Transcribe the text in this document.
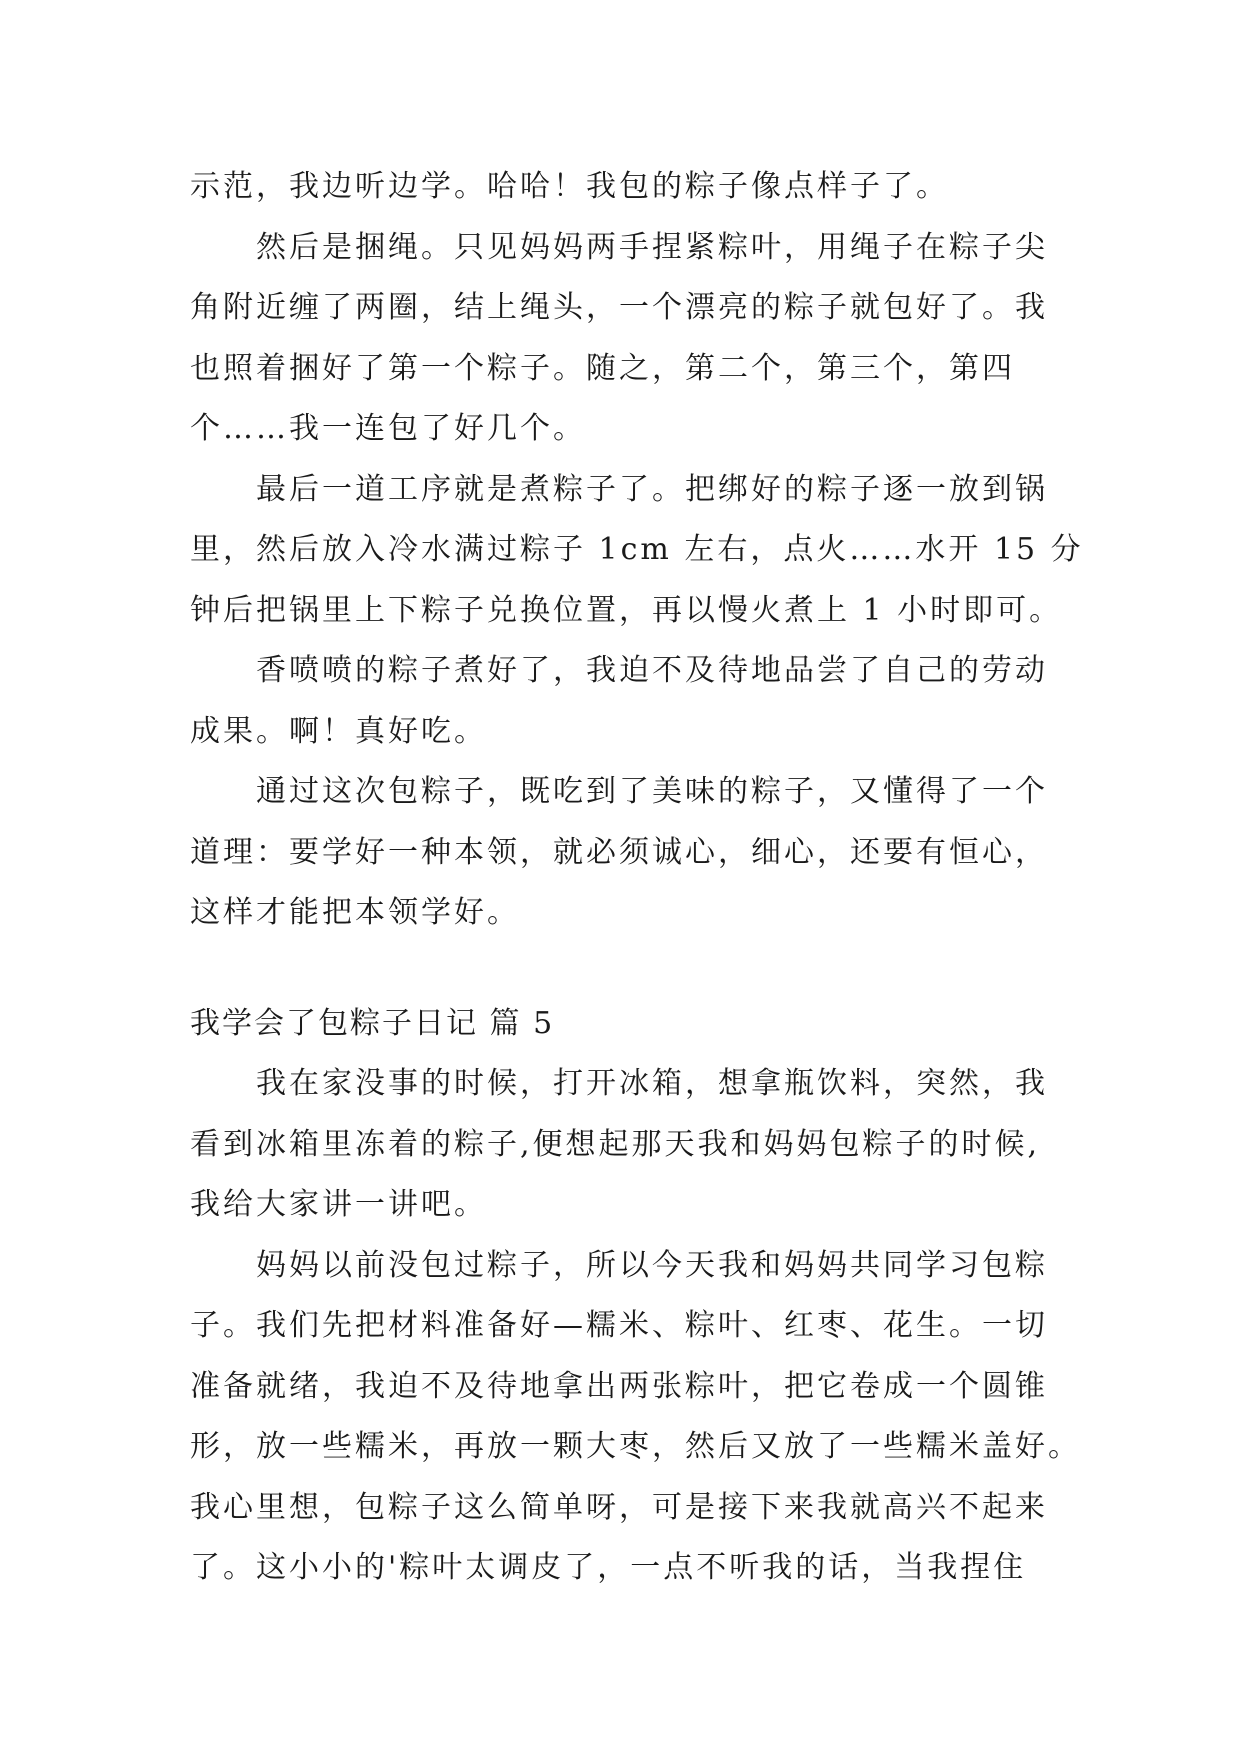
示范，我边听边学。哈哈！我包的粽子像点样子了。
然后是捆绳。只见妈妈两手捏紧粽叶，用绳子在粽子尖
角附近缠了两圈，结上绳头，一个漂亮的粽子就包好了。我
也照着捆好了第一个粽子。随之，第二个，第三个，第四
个……我一连包了好几个。
最后一道工序就是煮粽子了。把绑好的粽子逐一放到锅
里，然后放入冷水满过粽子 1cm 左右，点火……水开 15 分
钟后把锅里上下粽子兑换位置，再以慢火煮上 1 小时即可。
香喷喷的粽子煮好了，我迫不及待地品尝了自己的劳动
成果。啊！真好吃。
通过这次包粽子，既吃到了美味的粽子，又懂得了一个
道理：要学好一种本领，就必须诚心，细心，还要有恒心，
这样才能把本领学好。
我学会了包粽子日记 篇 5
我在家没事的时候，打开冰箱，想拿瓶饮料，突然，我
看到冰箱里冻着的粽子,便想起那天我和妈妈包粽子的时候,
我给大家讲一讲吧。
妈妈以前没包过粽子，所以今天我和妈妈共同学习包粽
子。我们先把材料准备好—糯米、粽叶、红枣、花生。一切
准备就绪，我迫不及待地拿出两张粽叶，把它卷成一个圆锥
形，放一些糯米，再放一颗大枣，然后又放了一些糯米盖好。
我心里想，包粽子这么简单呀，可是接下来我就高兴不起来
了。这小小的'粽叶太调皮了，一点不听我的话，当我捏住
